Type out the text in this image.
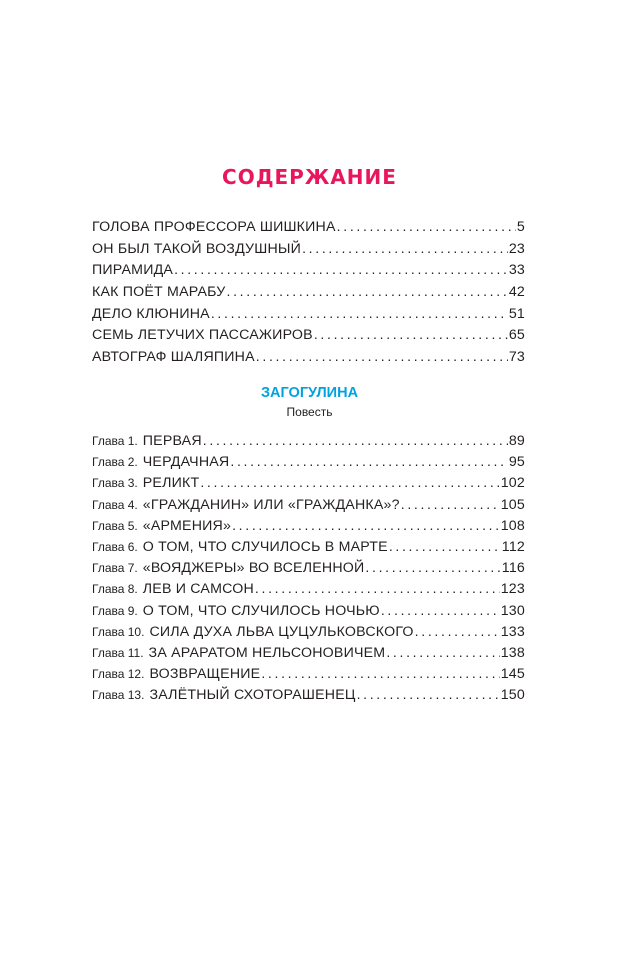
СОДЕРЖАНИЕ
ГОЛОВА ПРОФЕССОРА ШИШКИНА . . .	5
ОН БЫЛ ТАКОЙ ВОЗДУШНЫЙ . . .	23
ПИРАМИДА . . .	33
КАК ПОЁТ МАРАБУ . . .	42
ДЕЛО КЛЮНИНА . . .	51
СЕМЬ ЛЕТУЧИХ ПАССАЖИРОВ . . .	65
АВТОГРАФ ШАЛЯПИНА . . .	73
ЗАГОГУЛИНА
Повесть
Глава 1. ПЕРВАЯ . . .	89
Глава 2. ЧЕРДАЧНАЯ . . .	95
Глава 3. РЕЛИКТ . . .	102
Глава 4. «ГРАЖДАНИН» ИЛИ «ГРАЖДАНКА»? . . .	105
Глава 5. «АРМЕНИЯ» . . .	108
Глава 6. О ТОМ, ЧТО СЛУЧИЛОСЬ В МАРТЕ . . .	112
Глава 7. «ВОЯДЖЕРЫ» ВО ВСЕЛЕННОЙ . . .	116
Глава 8. ЛЕВ И САМСОН . . .	123
Глава 9. О ТОМ, ЧТО СЛУЧИЛОСЬ НОЧЬЮ . . .	130
Глава 10. СИЛА ДУХА ЛЬВА ЦУЦУЛЬКОВСКОГО . . .	133
Глава 11. ЗА АРАРАТОМ НЕЛЬСОНОВИЧЕМ . . .	138
Глава 12. ВОЗВРАЩЕНИЕ . . .	145
Глава 13. ЗАЛЁТНЫЙ СХОТОРАШЕНЕЦ . . .	150
